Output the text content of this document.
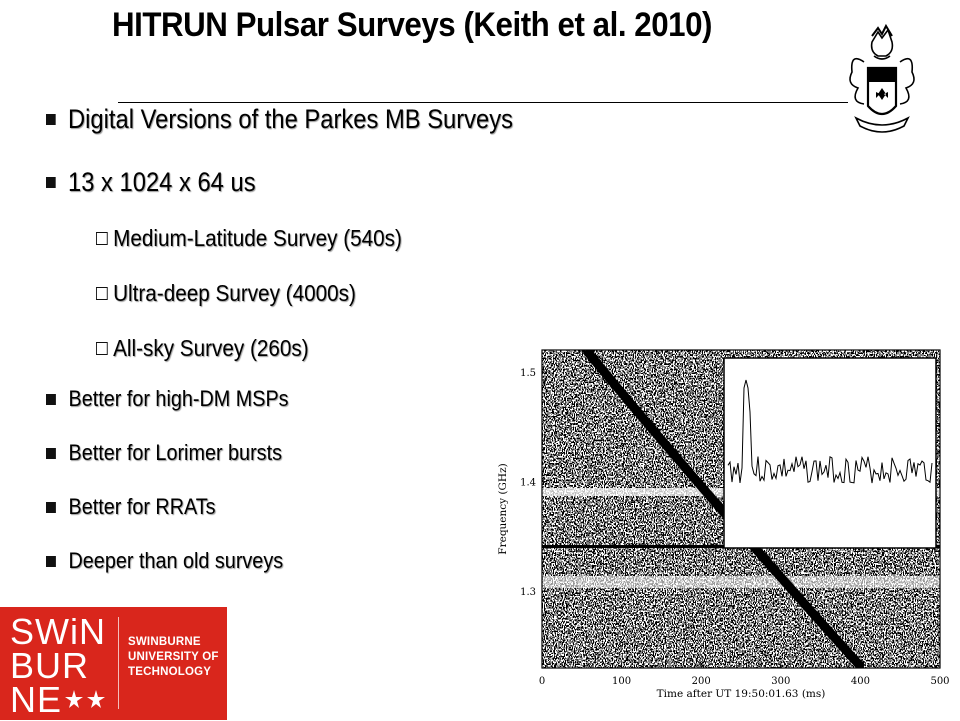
HITRUN Pulsar Surveys (Keith et al. 2010)
Digital Versions of the Parkes MB Surveys
13 x 1024 x 64 us
Medium-Latitude Survey (540s)
Ultra-deep Survey (4000s)
All-sky Survey (260s)
Better for high-DM MSPs
Better for Lorimer bursts
Better for RRATs
Deeper than old surveys
SWiN
BUR
NE
SWINBURNE
UNIVERSITY OF
TECHNOLOGY
0	100	200	300	400	500
1.5
1.4
1.3
Time after UT 19:50:01.63 (ms)
Frequency (GHz)
